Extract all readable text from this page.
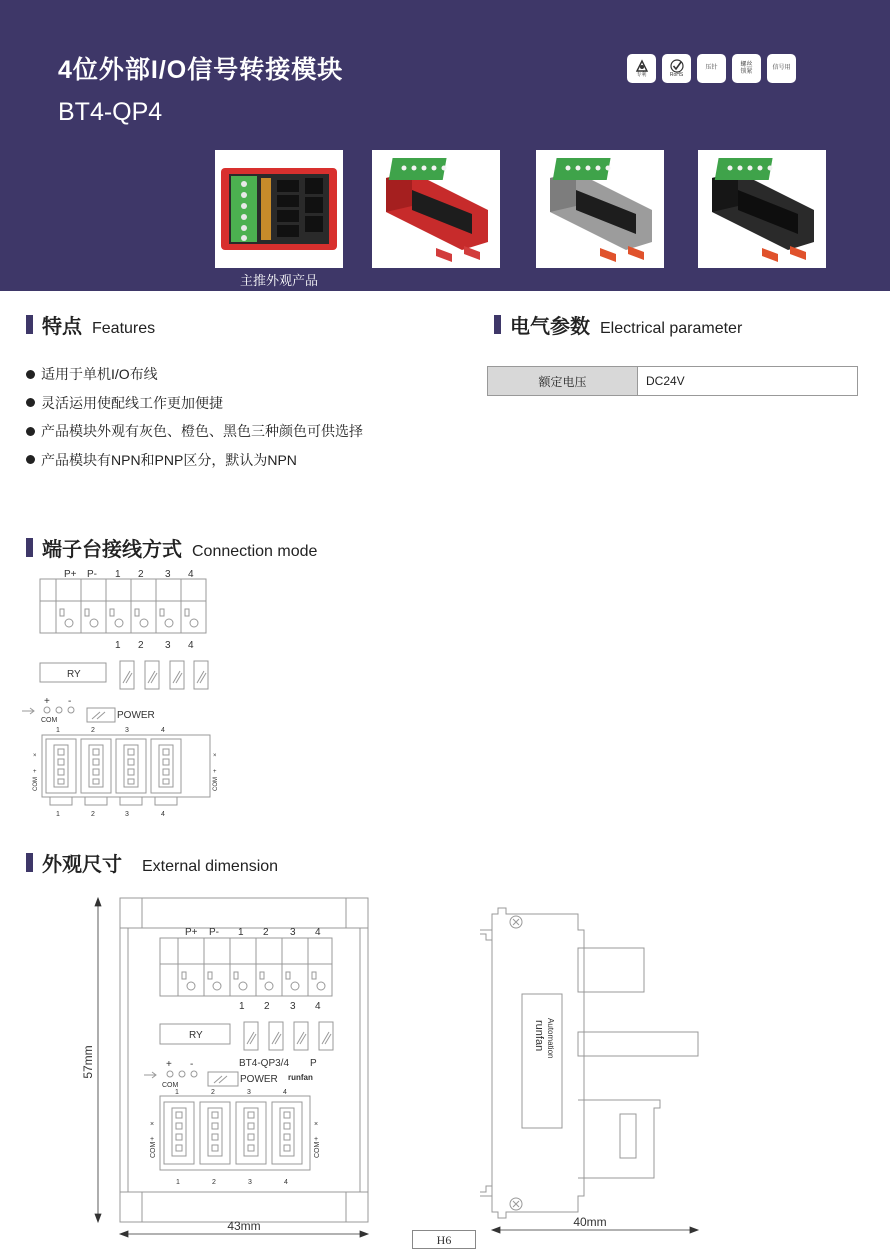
4位外部I/O信号转接模块
BT4-QP4
专利	RoHS
压针
螺丝锁紧
信号用
主推外观产品
特点 Features
适用于单机I/O布线
灵活运用使配线工作更加便捷
产品模块外观有灰色、橙色、黑色三种颜色可供选择
产品模块有NPN和PNP区分，默认为NPN
电气参数 Electrical parameter
额定电压	DC24V
端子台接线方式 Connection mode
P+ P- 1 2 3 4
1 2 3 4
RY
+ -
POWER
COM
1	2	3	4
1	2	3	4
×
+
COM
×
+
COM
外观尺寸 External dimension
P+ P- 1 2 3 4
1 2 3 4
RY
BT4-QP3/4 P
+ -
POWER runfan
COM
1	2	3	4
1	2	3	4
×
+
COM
×
+
COM
57mm
43mm
runfan Automation
40mm
H6
